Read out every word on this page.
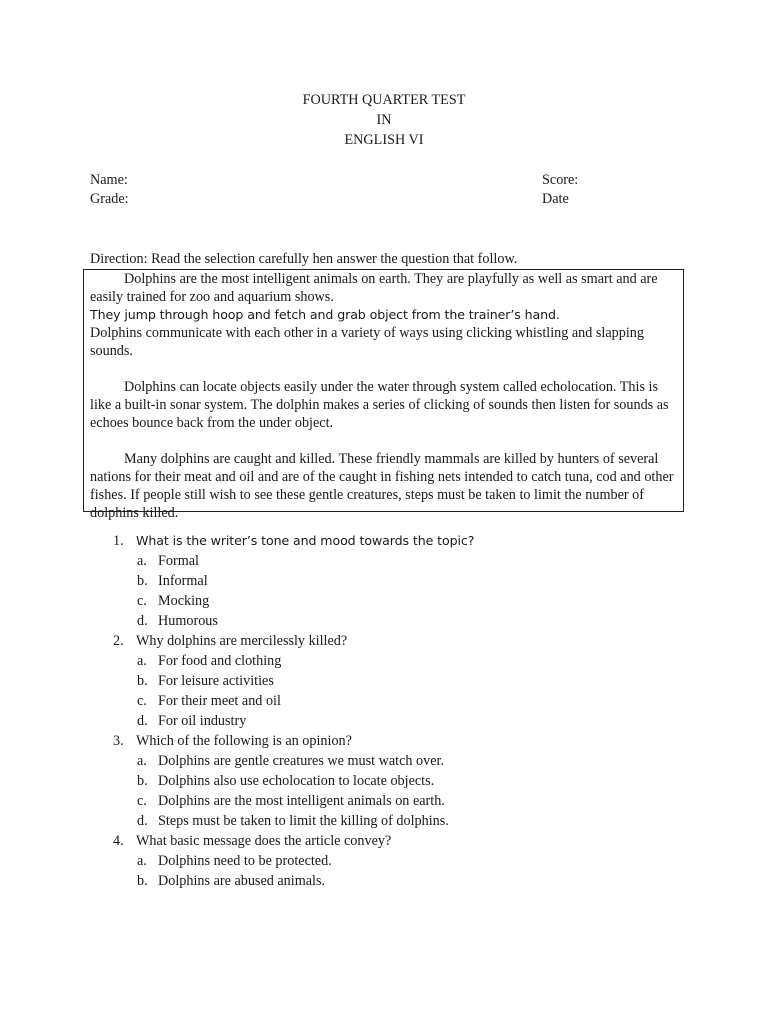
FOURTH QUARTER TEST
IN
ENGLISH VI
Name:
Grade:
Score:
Date
Direction: Read the selection carefully hen answer the question that follow.

Dolphins are the most intelligent animals on earth. They are playfully as well as smart and are easily trained for zoo and aquarium shows.

They jump through hoop and fetch and grab object from the trainer’s hand.

Dolphins communicate with each other in a variety of ways using clicking whistling and slapping sounds.

Dolphins can locate objects easily under the water through system called echolocation. This is like a built-in sonar system. The dolphin makes a series of clicking of sounds then listen for sounds as echoes bounce back from the under object.

Many dolphins are caught and killed. These friendly mammals are killed by hunters of several nations for their meat and oil and are of the caught in fishing nets intended to catch tuna, cod and other fishes. If people still wish to see these gentle creatures, steps must be taken to limit the number of dolphins killed.

1. What is the writer’s tone and mood towards the topic?
a. Formal
b. Informal
c. Mocking
d. Humorous
2. Why dolphins are mercilessly killed?
a. For food and clothing
b. For leisure activities
c. For their meet and oil
d. For oil industry
3. Which of the following is an opinion?
a. Dolphins are gentle creatures we must watch over.
b. Dolphins also use echolocation to locate objects.
c. Dolphins are the most intelligent animals on earth.
d. Steps must be taken to limit the killing of dolphins.
4. What basic message does the article convey?
a. Dolphins need to be protected.
b. Dolphins are abused animals.
